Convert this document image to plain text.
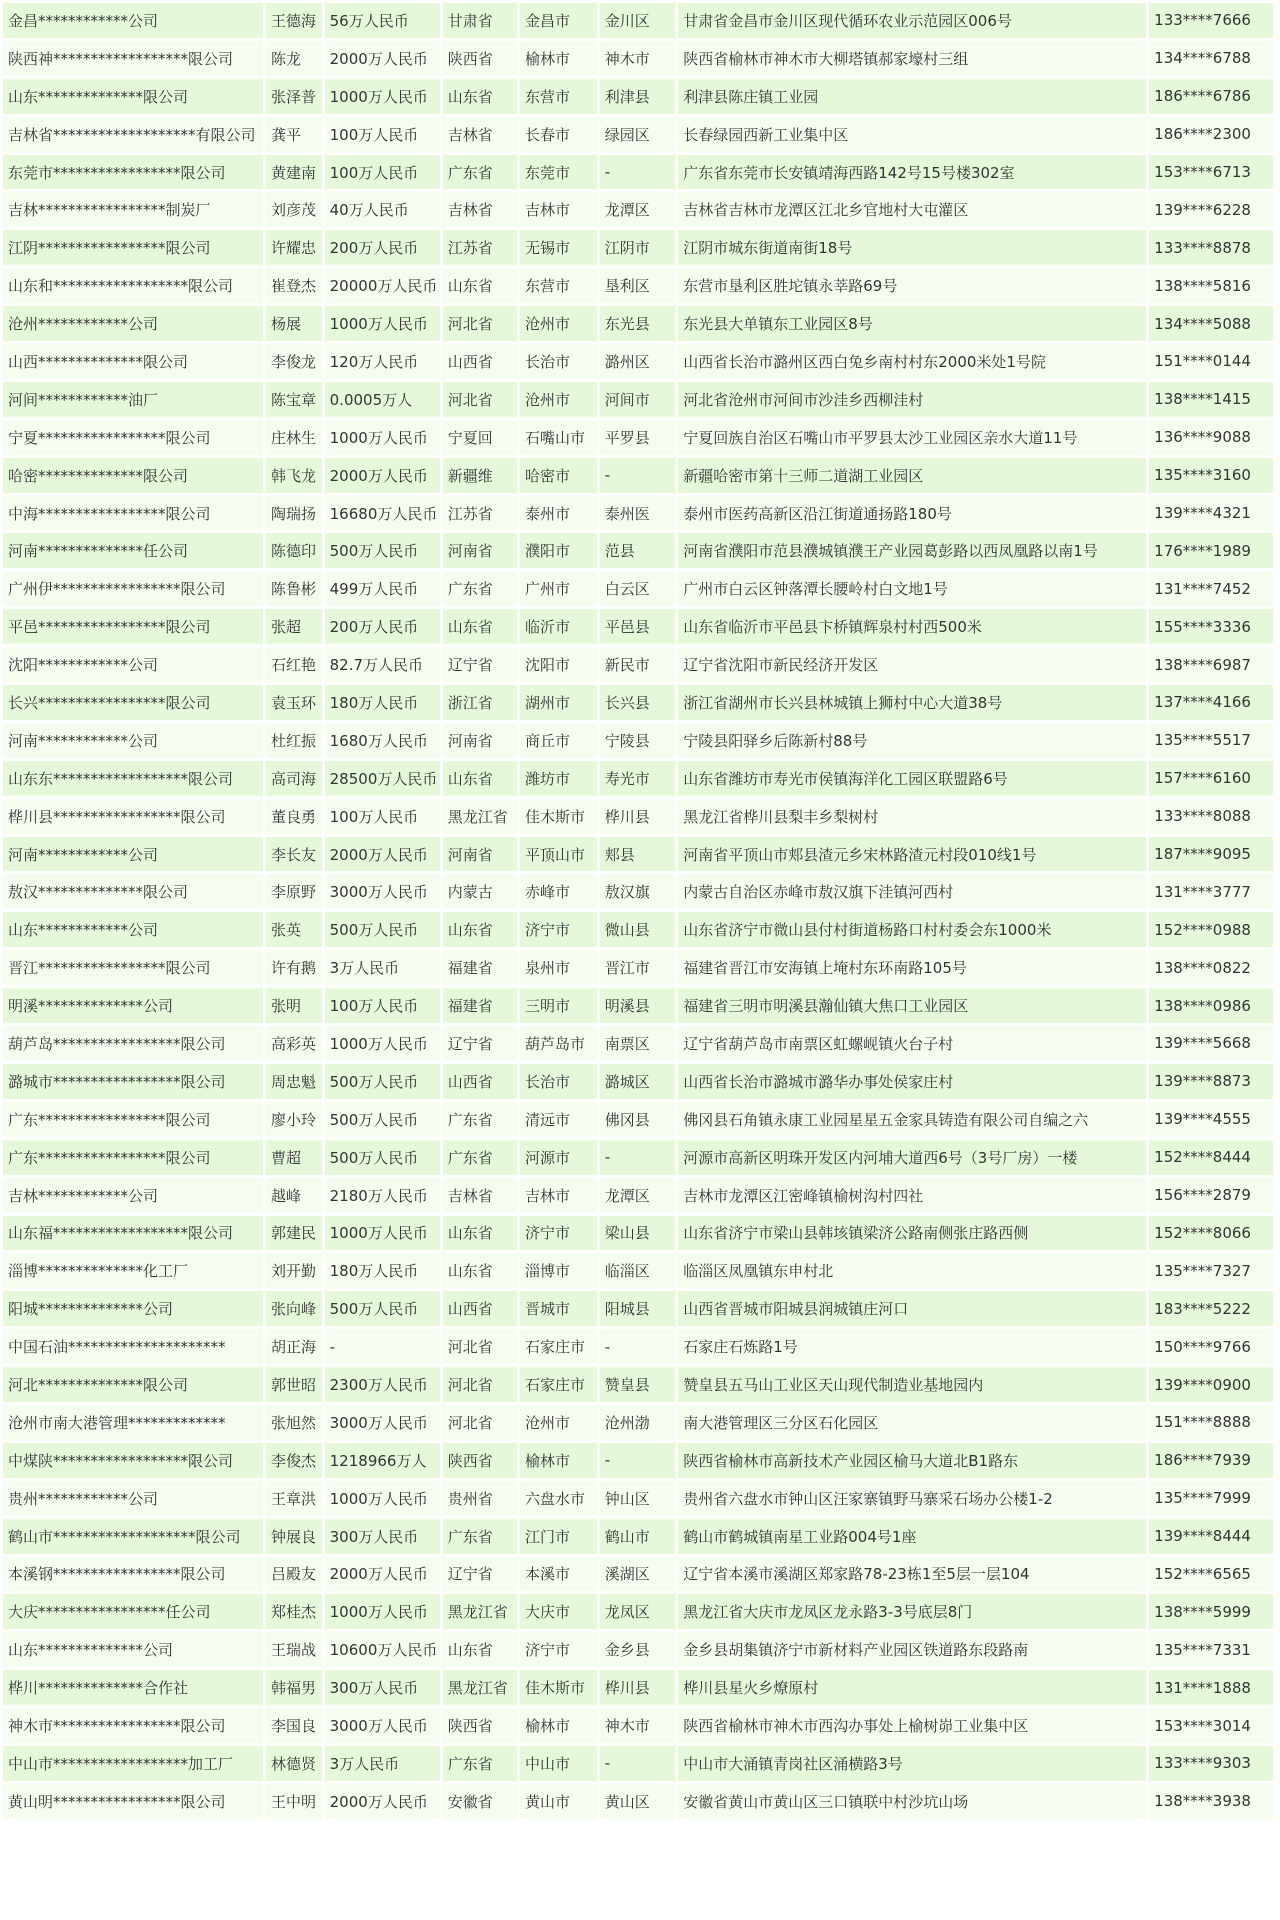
金昌************公司	王德海	56万人民币	甘肃省	金昌市	金川区	甘肃省金昌市金川区现代循环农业示范园区006号	133****7666
陕西神******************限公司	陈龙	2000万人民币	陕西省	榆林市	神木市	陕西省榆林市神木市大柳塔镇郝家壕村三组	134****6788
山东**************限公司	张泽普	1000万人民币	山东省	东营市	利津县	利津县陈庄镇工业园	186****6786
吉林省*******************有限公司	龚平	100万人民币	吉林省	长春市	绿园区	长春绿园西新工业集中区	186****2300
东莞市*****************限公司	黄建南	100万人民币	广东省	东莞市	-	广东省东莞市长安镇靖海西路142号15号楼302室	153****6713
吉林*****************制炭厂	刘彦茂	40万人民币	吉林省	吉林市	龙潭区	吉林省吉林市龙潭区江北乡官地村大屯灌区	139****6228
江阴*****************限公司	许耀忠	200万人民币	江苏省	无锡市	江阴市	江阴市城东街道南街18号	133****8878
山东和******************限公司	崔登杰	20000万人民币	山东省	东营市	垦利区	东营市垦利区胜坨镇永莘路69号	138****5816
沧州************公司	杨展	1000万人民币	河北省	沧州市	东光县	东光县大单镇东工业园区8号	134****5088
山西**************限公司	李俊龙	120万人民币	山西省	长治市	潞州区	山西省长治市潞州区西白兔乡南村村东2000米处1号院	151****0144
河间************油厂	陈宝章	0.0005万人	河北省	沧州市	河间市	河北省沧州市河间市沙洼乡西柳洼村	138****1415
宁夏*****************限公司	庄林生	1000万人民币	宁夏回	石嘴山市	平罗县	宁夏回族自治区石嘴山市平罗县太沙工业园区亲水大道11号	136****9088
哈密**************限公司	韩飞龙	2000万人民币	新疆维	哈密市	-	新疆哈密市第十三师二道湖工业园区	135****3160
中海*****************限公司	陶瑞扬	16680万人民币	江苏省	泰州市	泰州医	泰州市医药高新区沿江街道通扬路180号	139****4321
河南**************任公司	陈德印	500万人民币	河南省	濮阳市	范县	河南省濮阳市范县濮城镇濮王产业园葛彭路以西凤凰路以南1号	176****1989
广州伊*****************限公司	陈鲁彬	499万人民币	广东省	广州市	白云区	广州市白云区钟落潭长腰岭村白文地1号	131****7452
平邑*****************限公司	张超	200万人民币	山东省	临沂市	平邑县	山东省临沂市平邑县卞桥镇辉泉村村西500米	155****3336
沈阳************公司	石红艳	82.7万人民币	辽宁省	沈阳市	新民市	辽宁省沈阳市新民经济开发区	138****6987
长兴*****************限公司	袁玉环	180万人民币	浙江省	湖州市	长兴县	浙江省湖州市长兴县林城镇上狮村中心大道38号	137****4166
河南************公司	杜红振	1680万人民币	河南省	商丘市	宁陵县	宁陵县阳驿乡后陈新村88号	135****5517
山东东******************限公司	高司海	28500万人民币	山东省	潍坊市	寿光市	山东省潍坊市寿光市侯镇海洋化工园区联盟路6号	157****6160
桦川县*****************限公司	董良勇	100万人民币	黑龙江省	佳木斯市	桦川县	黑龙江省桦川县梨丰乡梨树村	133****8088
河南************公司	李长友	2000万人民币	河南省	平顶山市	郏县	河南省平顶山市郏县渣元乡宋林路渣元村段010线1号	187****9095
敖汉**************限公司	李原野	3000万人民币	内蒙古	赤峰市	敖汉旗	内蒙古自治区赤峰市敖汉旗下洼镇河西村	131****3777
山东************公司	张英	500万人民币	山东省	济宁市	微山县	山东省济宁市微山县付村街道杨路口村村委会东1000米	152****0988
晋江*****************限公司	许有鹅	3万人民币	福建省	泉州市	晋江市	福建省晋江市安海镇上埯村东环南路105号	138****0822
明溪**************公司	张明	100万人民币	福建省	三明市	明溪县	福建省三明市明溪县瀚仙镇大焦口工业园区	138****0986
葫芦岛*****************限公司	高彩英	1000万人民币	辽宁省	葫芦岛市	南票区	辽宁省葫芦岛市南票区虹螺岘镇火台子村	139****5668
潞城市*****************限公司	周忠魁	500万人民币	山西省	长治市	潞城区	山西省长治市潞城市潞华办事处侯家庄村	139****8873
广东*****************限公司	廖小玲	500万人民币	广东省	清远市	佛冈县	佛冈县石角镇永康工业园星星五金家具铸造有限公司自编之六	139****4555
广东*****************限公司	曹超	500万人民币	广东省	河源市	-	河源市高新区明珠开发区内河埔大道西6号（3号厂房）一楼	152****8444
吉林************公司	越峰	2180万人民币	吉林省	吉林市	龙潭区	吉林市龙潭区江密峰镇榆树沟村四社	156****2879
山东福******************限公司	郭建民	1000万人民币	山东省	济宁市	梁山县	山东省济宁市梁山县韩垓镇梁济公路南侧张庄路西侧	152****8066
淄博**************化工厂	刘开勤	180万人民币	山东省	淄博市	临淄区	临淄区凤凰镇东申村北	135****7327
阳城**************公司	张向峰	500万人民币	山西省	晋城市	阳城县	山西省晋城市阳城县润城镇庄河口	183****5222
中国石油*********************	胡正海	-	河北省	石家庄市	-	石家庄石炼路1号	150****9766
河北**************限公司	郭世昭	2300万人民币	河北省	石家庄市	赞皇县	赞皇县五马山工业区天山现代制造业基地园内	139****0900
沧州市南大港管理*************	张旭然	3000万人民币	河北省	沧州市	沧州渤	南大港管理区三分区石化园区	151****8888
中煤陕******************限公司	李俊杰	1218966万人	陕西省	榆林市	-	陕西省榆林市高新技术产业园区榆马大道北B1路东	186****7939
贵州************公司	王章洪	1000万人民币	贵州省	六盘水市	钟山区	贵州省六盘水市钟山区汪家寨镇野马寨采石场办公楼1-2	135****7999
鹤山市*******************限公司	钟展良	300万人民币	广东省	江门市	鹤山市	鹤山市鹤城镇南星工业路004号1座	139****8444
本溪钢*****************限公司	吕殿友	2000万人民币	辽宁省	本溪市	溪湖区	辽宁省本溪市溪湖区郑家路78-23栋1至5层一层104	152****6565
大庆*****************任公司	郑桂杰	1000万人民币	黑龙江省	大庆市	龙凤区	黑龙江省大庆市龙凤区龙永路3-3号底层8门	138****5999
山东**************公司	王瑞战	10600万人民币	山东省	济宁市	金乡县	金乡县胡集镇济宁市新材料产业园区铁道路东段路南	135****7331
桦川**************合作社	韩福男	300万人民币	黑龙江省	佳木斯市	桦川县	桦川县星火乡燎原村	131****1888
神木市*****************限公司	李国良	3000万人民币	陕西省	榆林市	神木市	陕西省榆林市神木市西沟办事处上榆树峁工业集中区	153****3014
中山市******************加工厂	林德贤	3万人民币	广东省	中山市	-	中山市大涌镇青岗社区涌横路3号	133****9303
黄山明*****************限公司	王中明	2000万人民币	安徽省	黄山市	黄山区	安徽省黄山市黄山区三口镇联中村沙坑山场	138****3938
